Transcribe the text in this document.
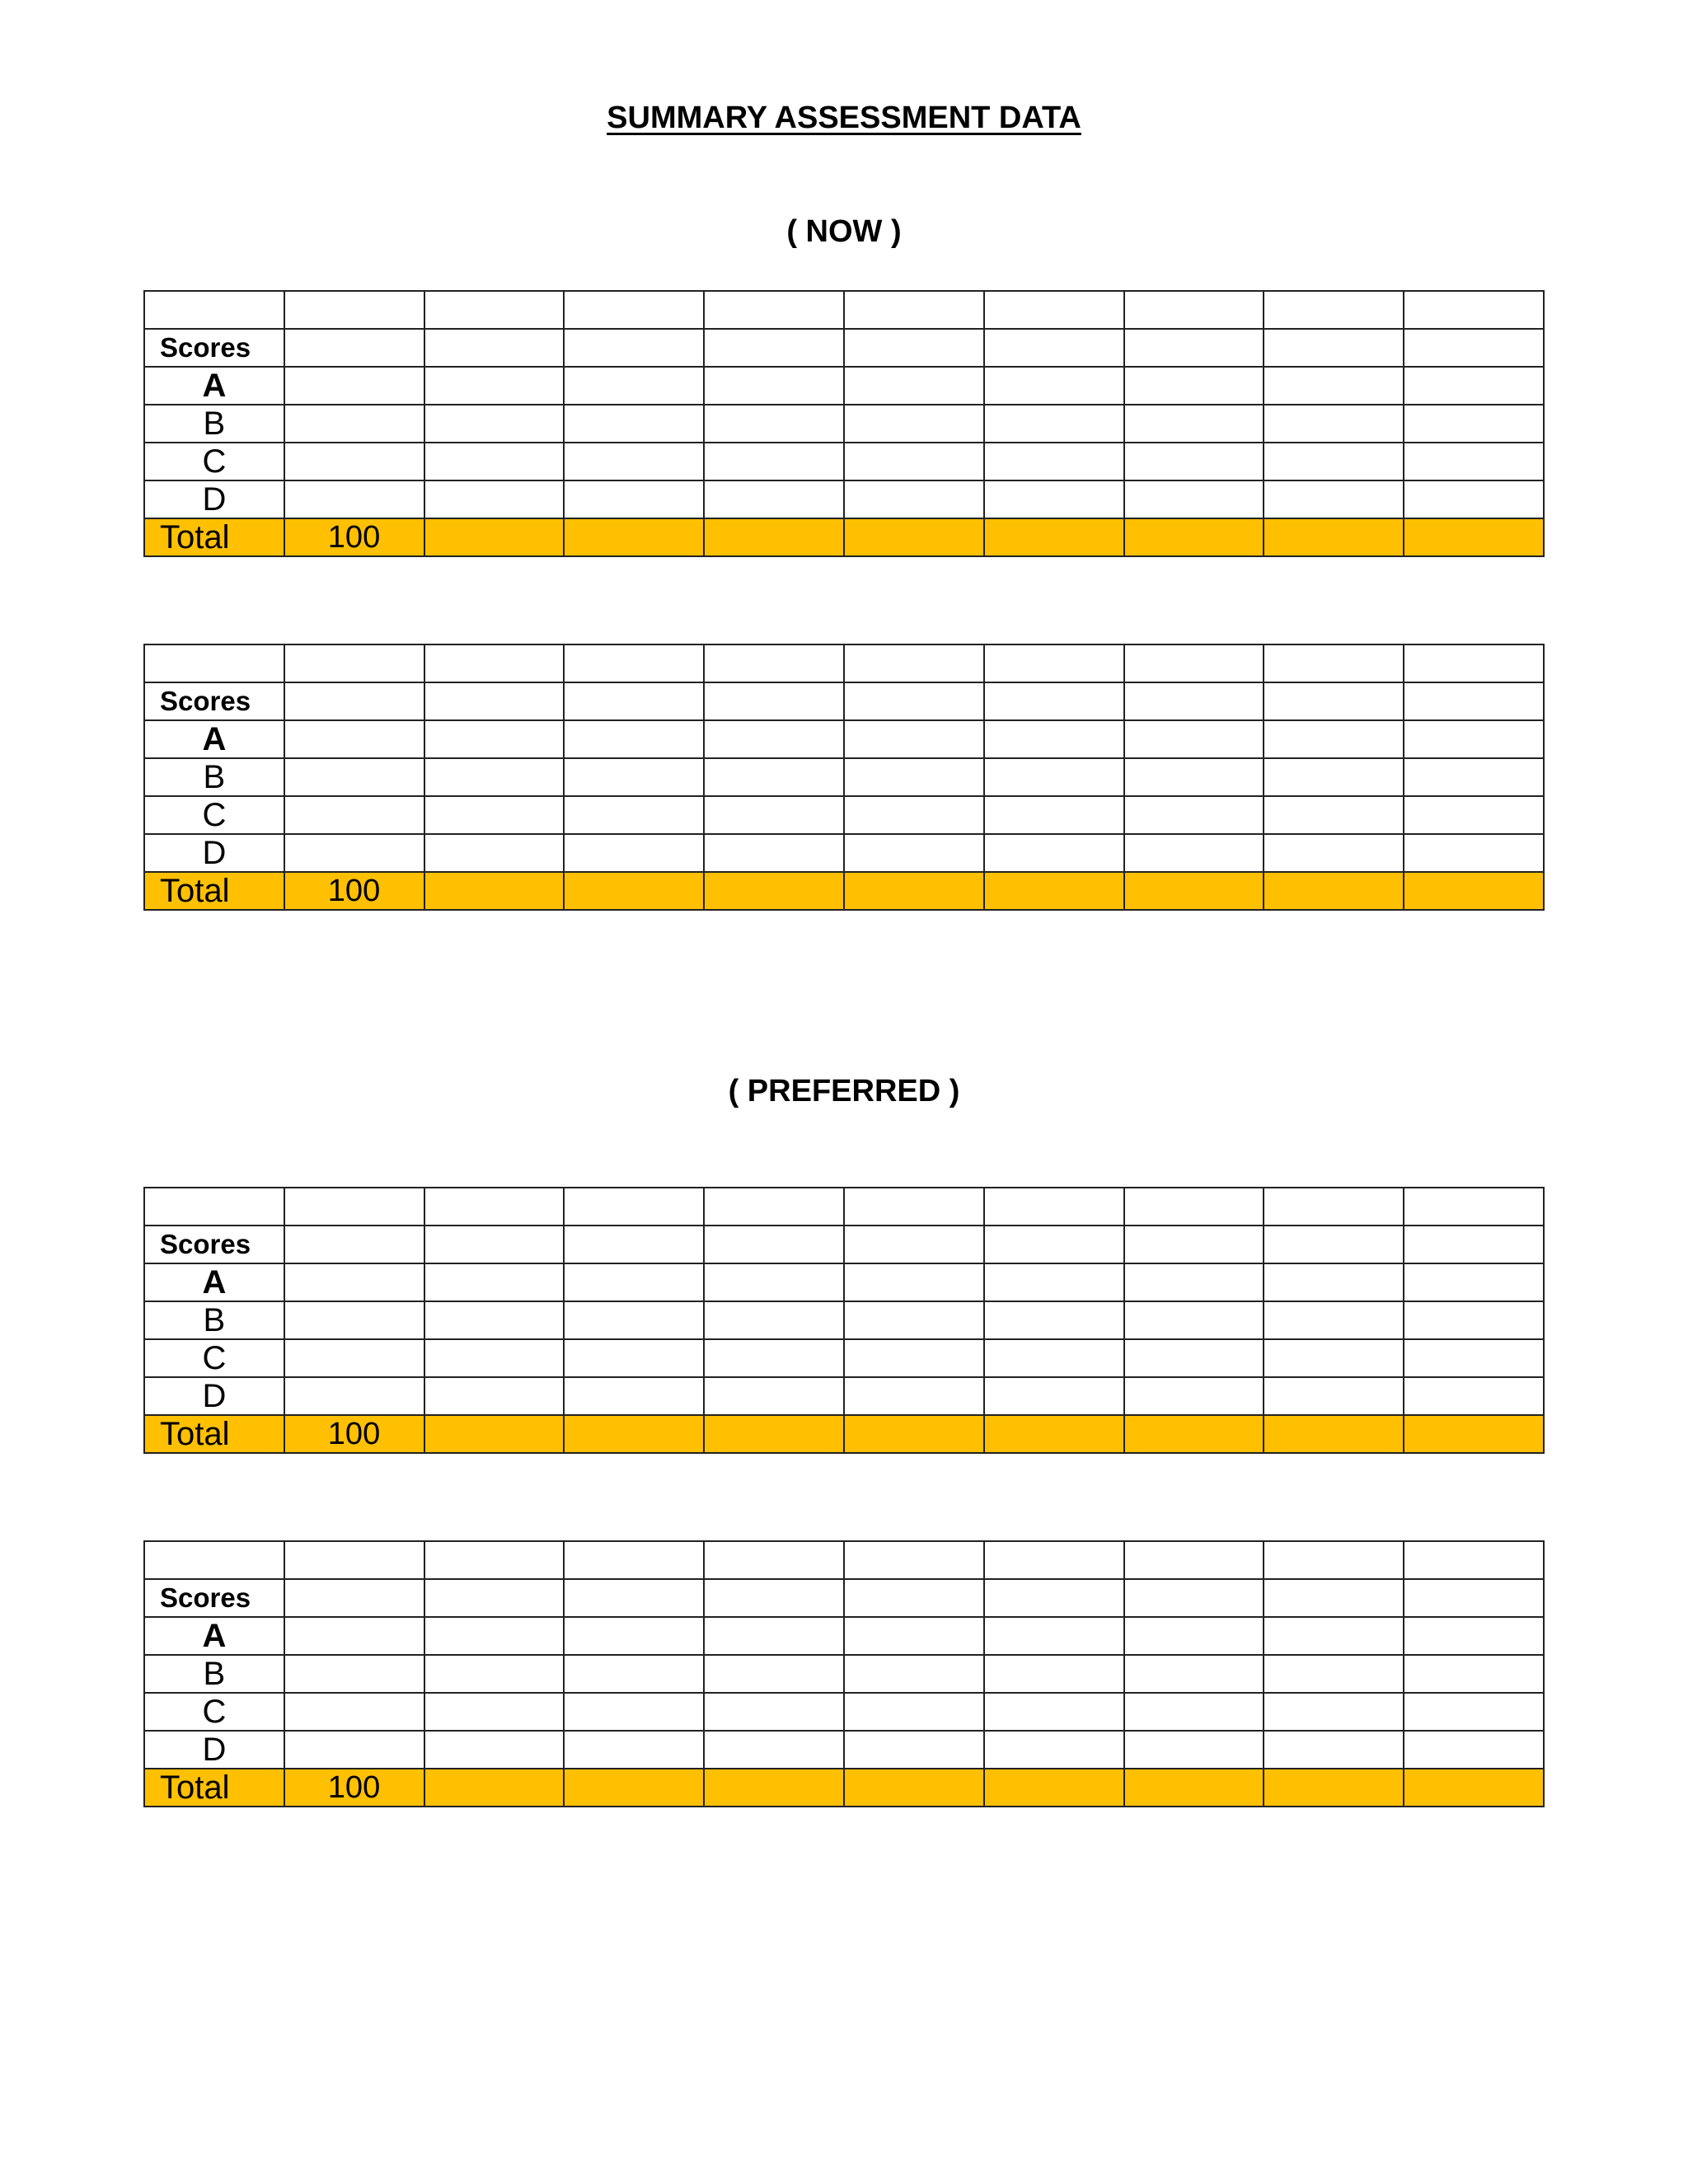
SUMMARY ASSESSMENT DATA
( NOW )
( PREFERRED )

Scores									
A									
B									
C									
D									
Total	100								

Scores									
A									
B									
C									
D									
Total	100								

Scores									
A									
B									
C									
D									
Total	100								

Scores									
A									
B									
C									
D									
Total	100								
